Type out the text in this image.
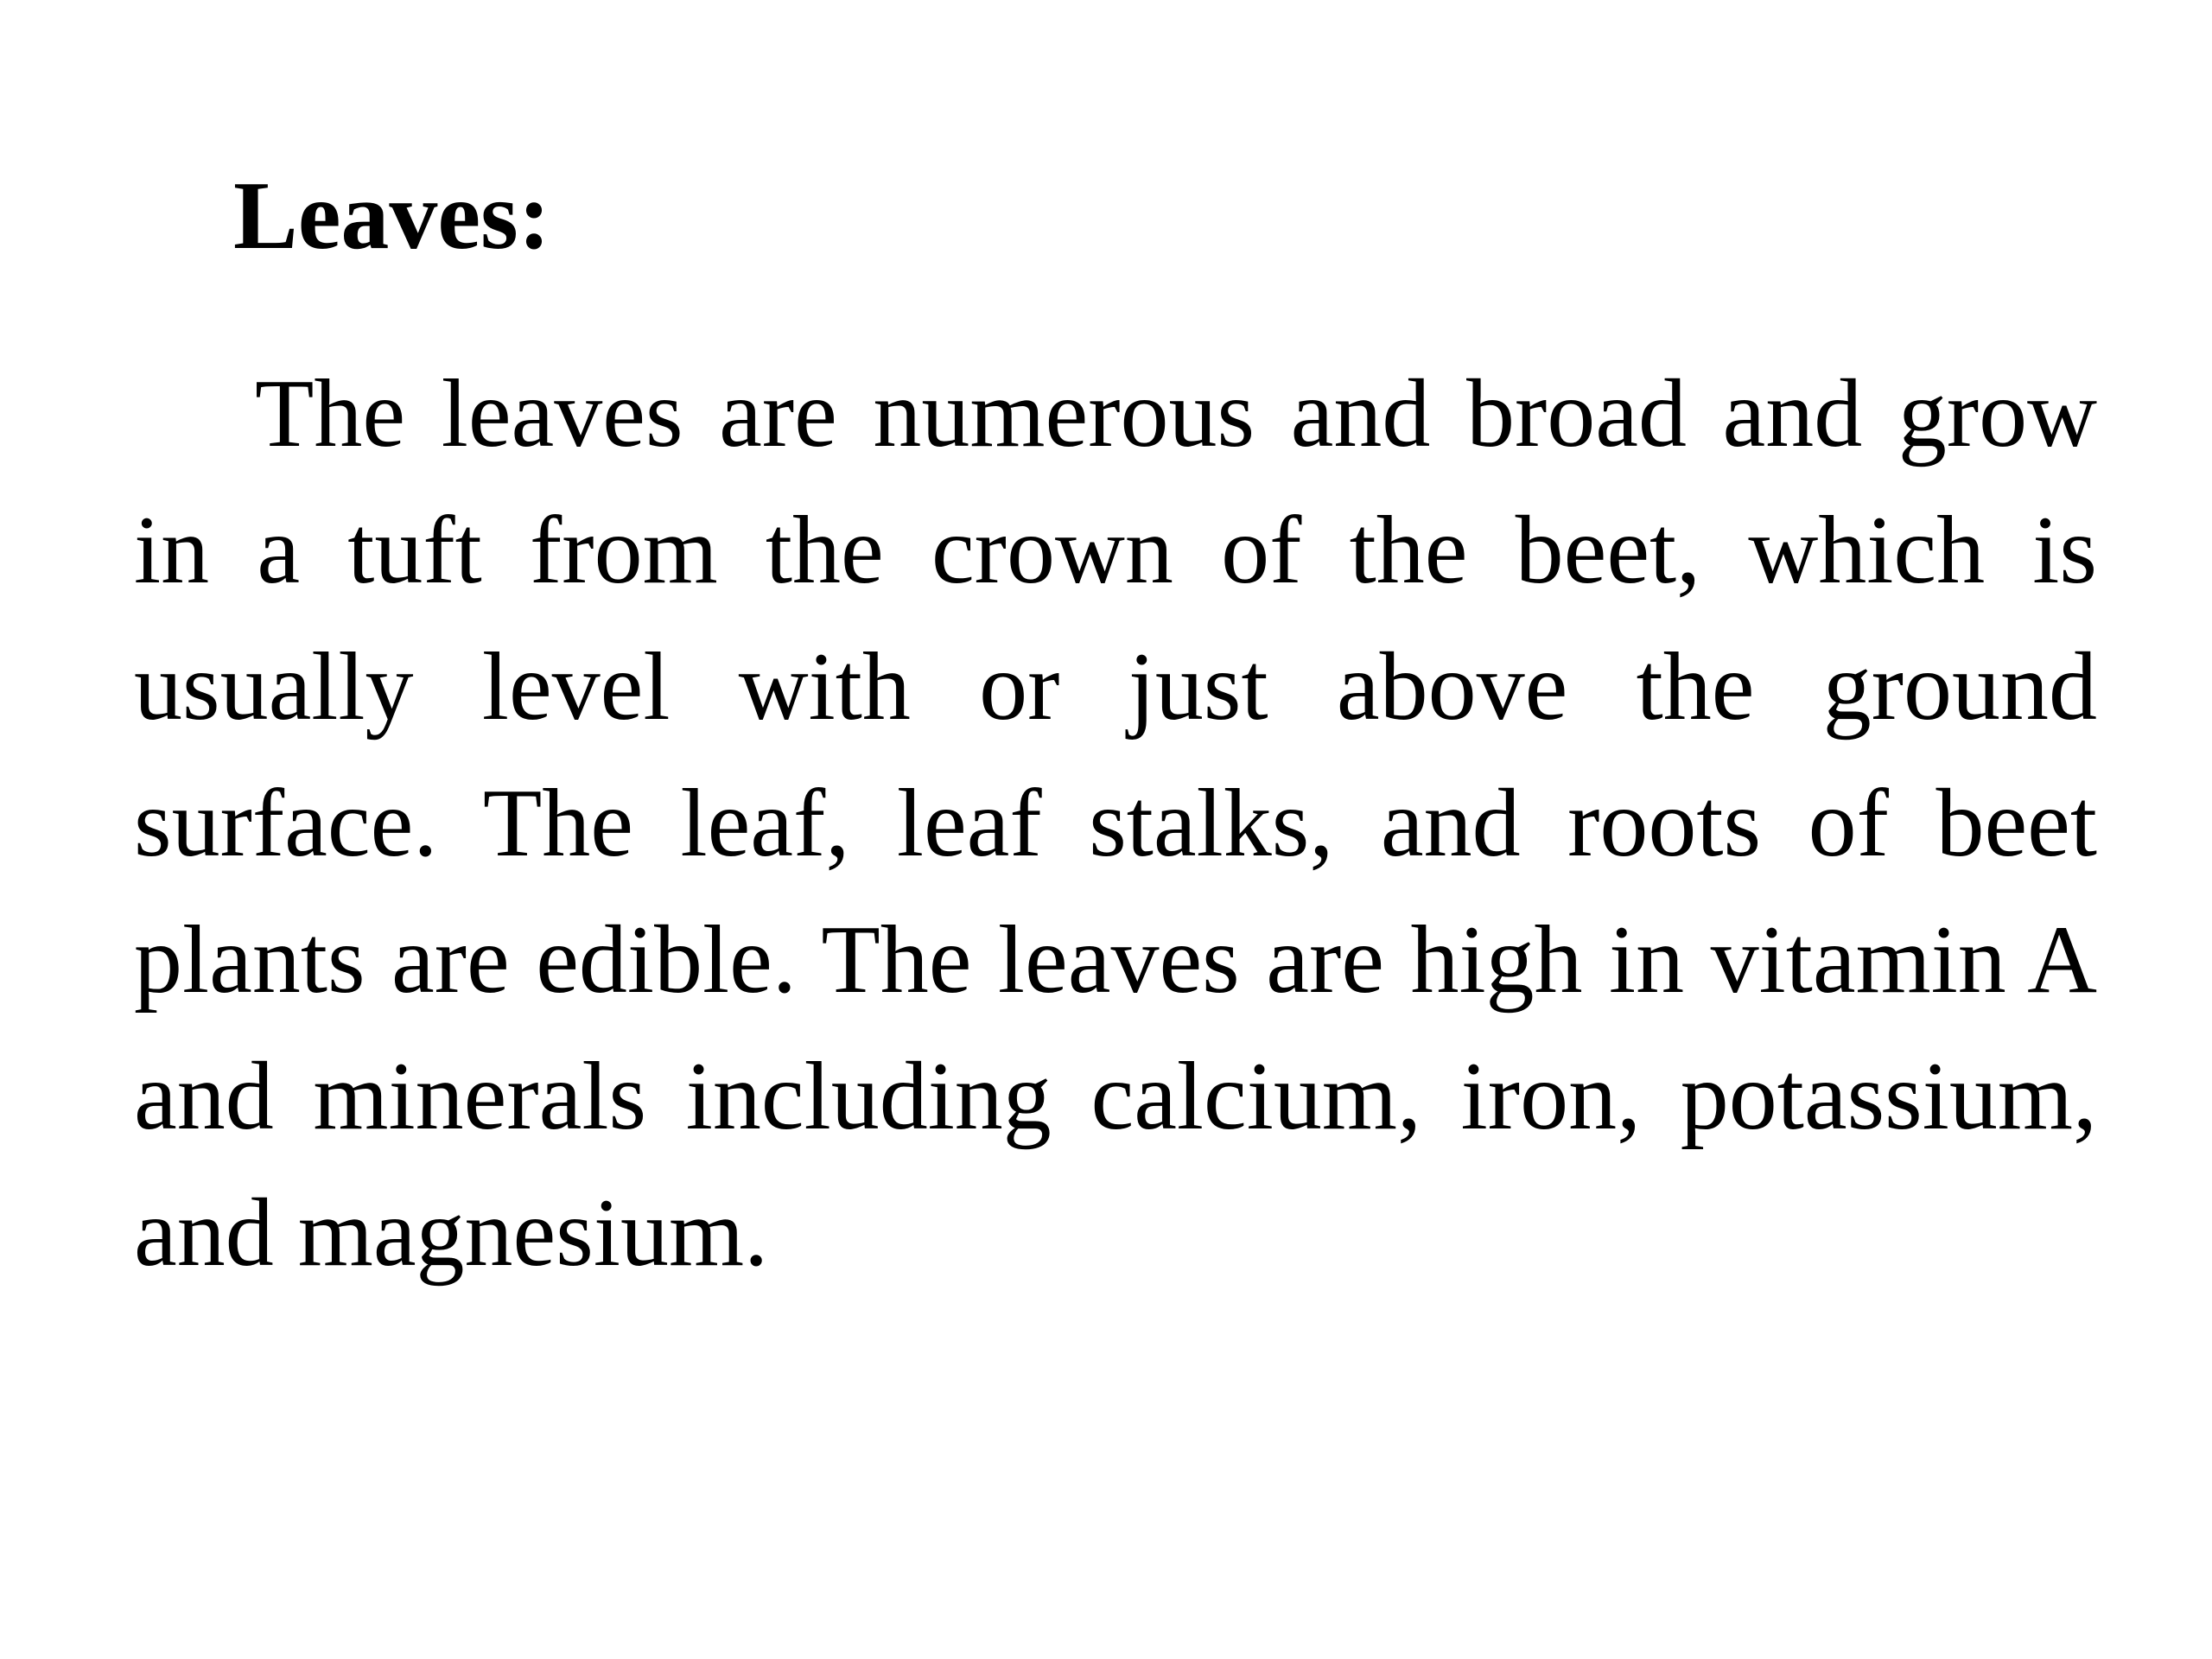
Leaves:

The leaves are numerous and broad and grow in a tuft from the crown of the beet, which is usually level with or just above the ground surface. The leaf, leaf stalks, and roots of beet plants are edible. The leaves are high in vitamin A and minerals including calcium, iron, potassium, and magnesium.
